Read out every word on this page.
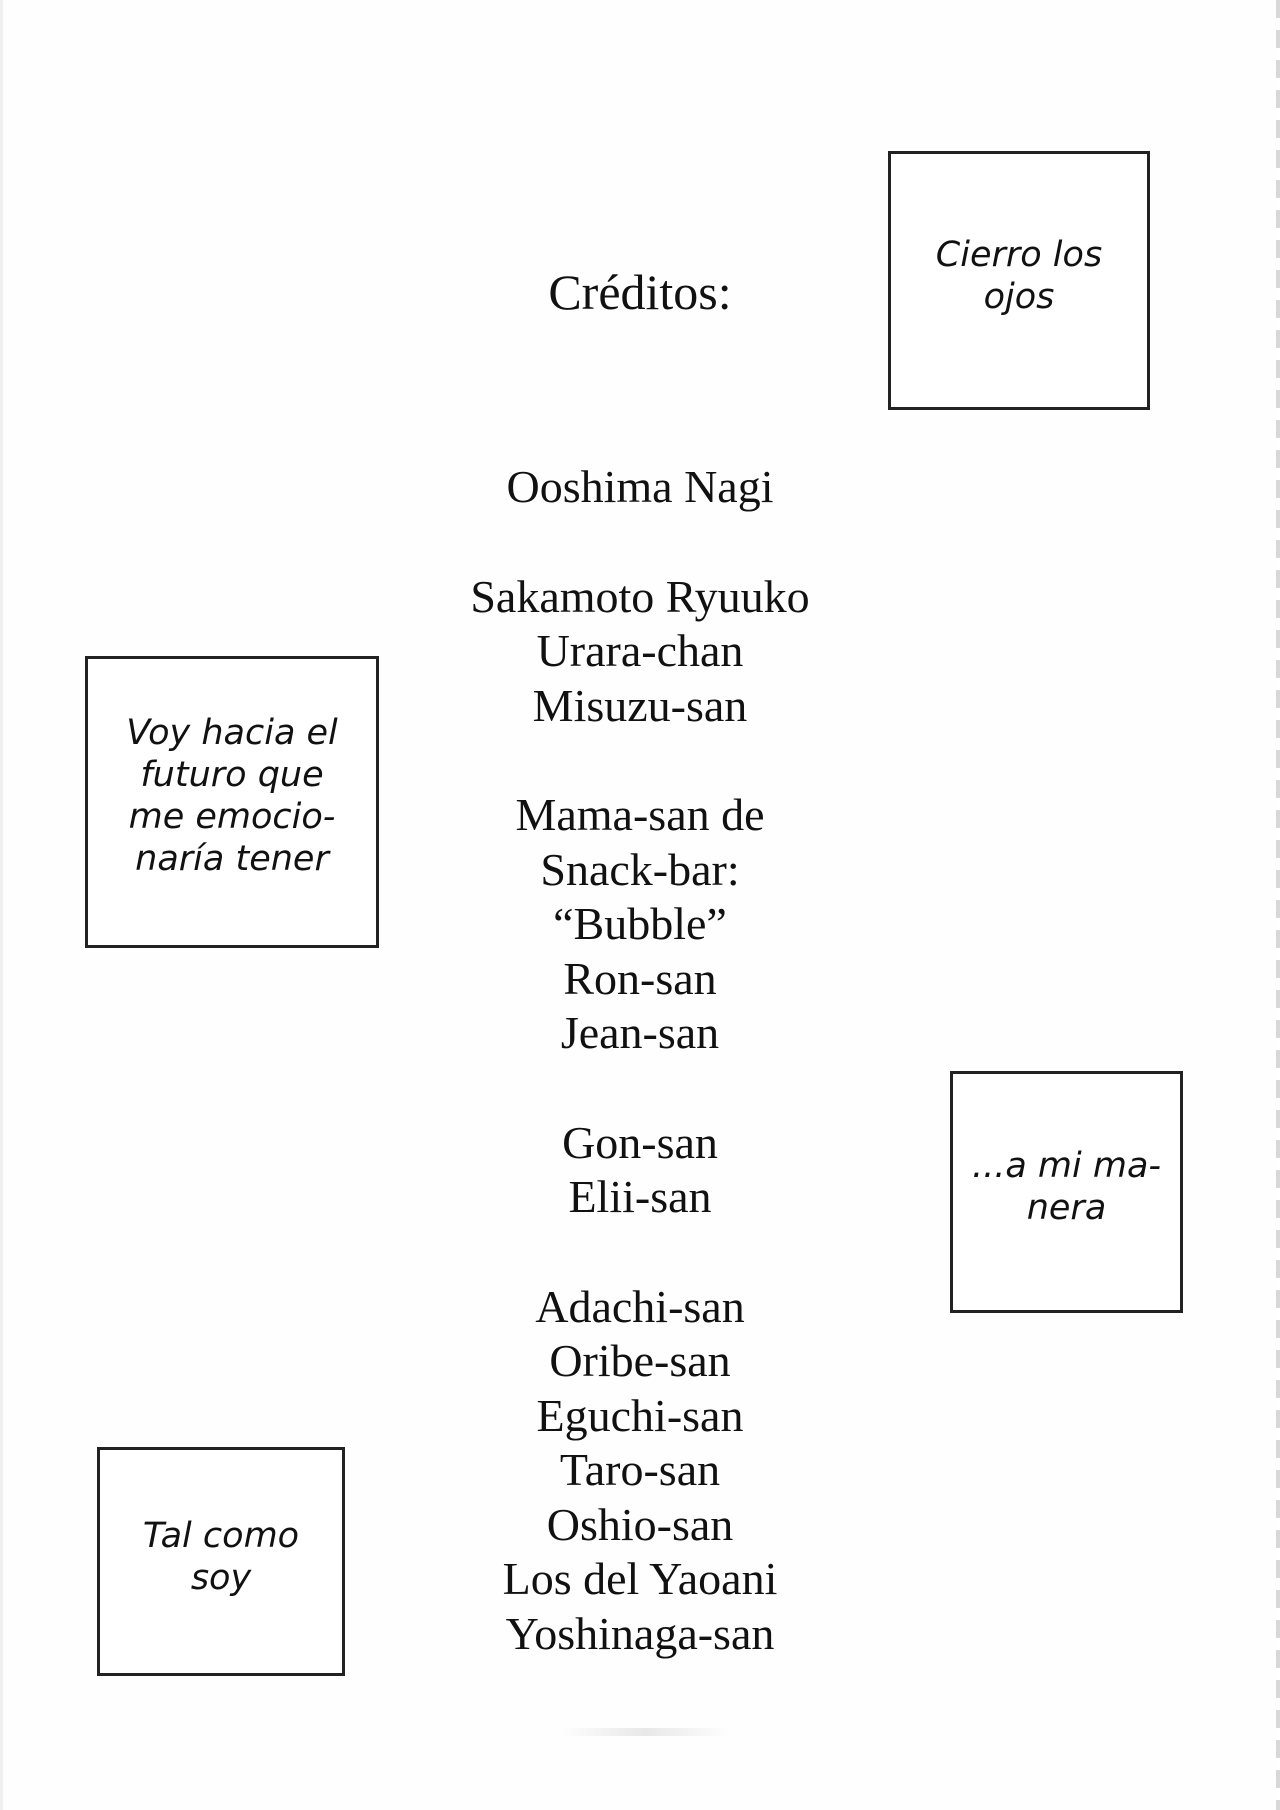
Créditos:
Ooshima Nagi
Sakamoto Ryuuko
Urara-chan
Misuzu-san
Mama-san de
Snack-bar:
“Bubble”
Ron-san
Jean-san
Gon-san
Elii-san
Adachi-san
Oribe-san
Eguchi-san
Taro-san
Oshio-san
Los del Yaoani
Yoshinaga-san
Cierro los ojos
Voy hacia el futuro que me emocio-naría tener
...a mi ma-nera
Tal como soy
